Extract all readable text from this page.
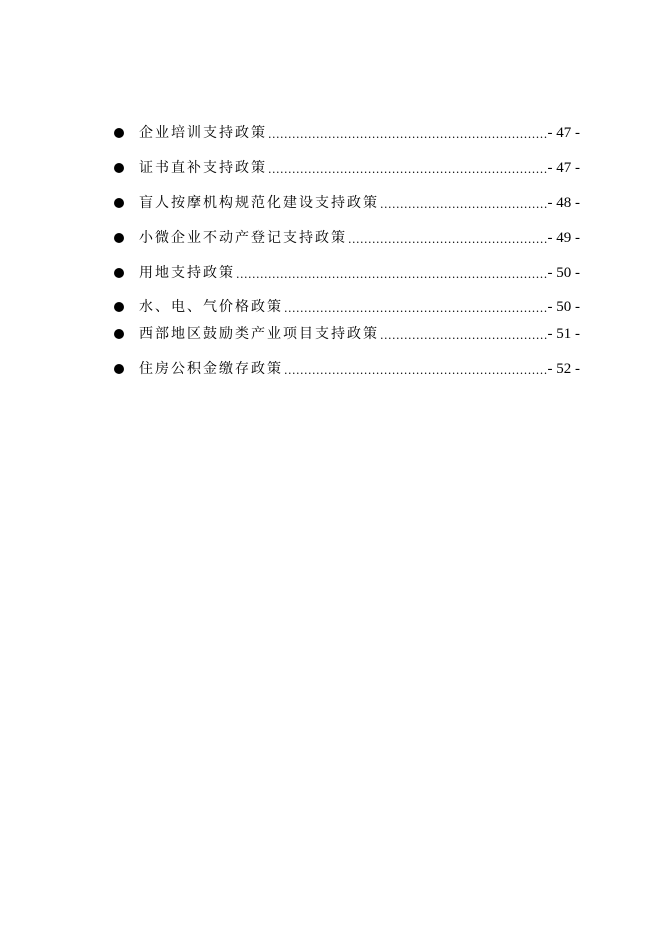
企业培训支持政策 .....	- 47 -
证书直补支持政策 .....	- 47 -
盲人按摩机构规范化建设支持政策 .....	- 48 -
小微企业不动产登记支持政策 .....	- 49 -
用地支持政策 .....	- 50 -
水、电、气价格政策 .....	- 50 -
西部地区鼓励类产业项目支持政策 .....	- 51 -
住房公积金缴存政策 .....	- 52 -
